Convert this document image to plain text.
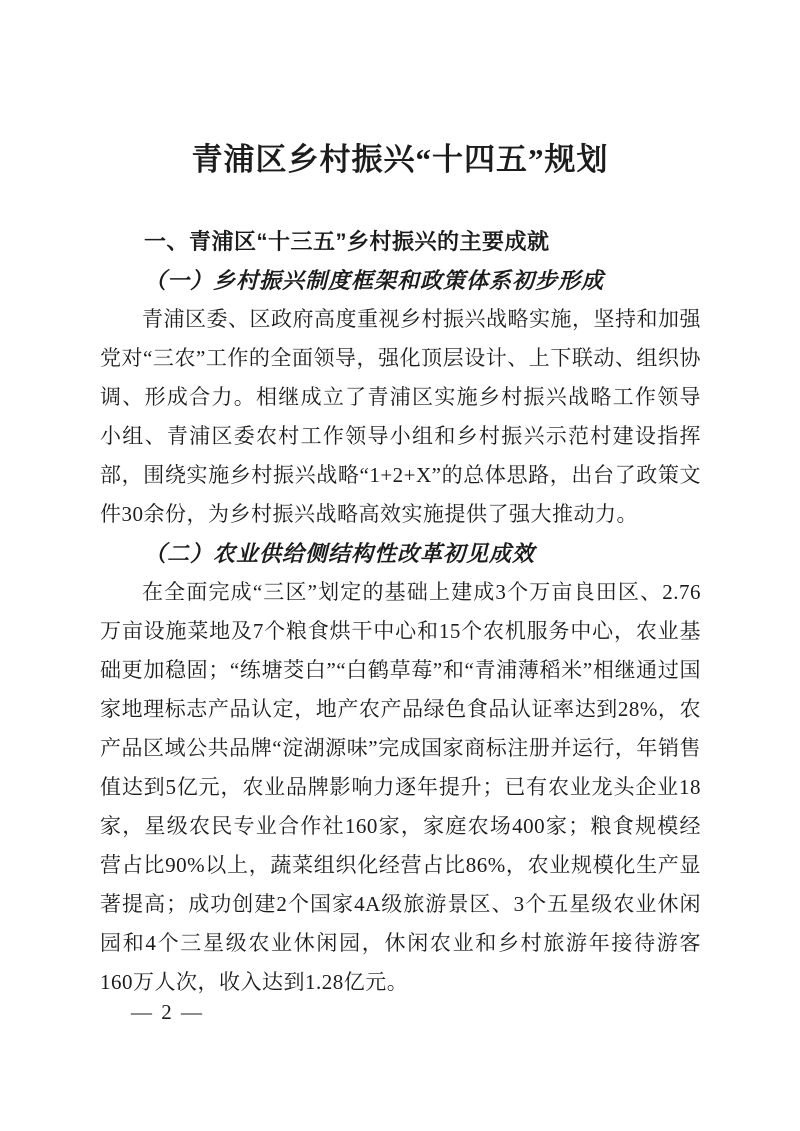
青浦区乡村振兴“十四五”规划
一、青浦区“十三五”乡村振兴的主要成就
（一）乡村振兴制度框架和政策体系初步形成

青浦区委、区政府高度重视乡村振兴战略实施，坚持和加强党对“三农”工作的全面领导，强化顶层设计、上下联动、组织协调、形成合力。相继成立了青浦区实施乡村振兴战略工作领导小组、青浦区委农村工作领导小组和乡村振兴示范村建设指挥部，围绕实施乡村振兴战略“1+2+X”的总体思路，出台了政策文件30余份，为乡村振兴战略高效实施提供了强大推动力。

（二）农业供给侧结构性改革初见成效

在全面完成“三区”划定的基础上建成3个万亩良田区、2.76万亩设施菜地及7个粮食烘干中心和15个农机服务中心，农业基础更加稳固；“练塘茭白”“白鹤草莓”和“青浦薄稻米”相继通过国家地理标志产品认定，地产农产品绿色食品认证率达到28%，农产品区域公共品牌“淀湖源味”完成国家商标注册并运行，年销售值达到5亿元，农业品牌影响力逐年提升；已有农业龙头企业18家，星级农民专业合作社160家，家庭农场400家；粮食规模经营占比90%以上，蔬菜组织化经营占比86%，农业规模化生产显著提高；成功创建2个国家4A级旅游景区、3个五星级农业休闲园和4个三星级农业休闲园，休闲农业和乡村旅游年接待游客160万人次，收入达到1.28亿元。

— 2 —
